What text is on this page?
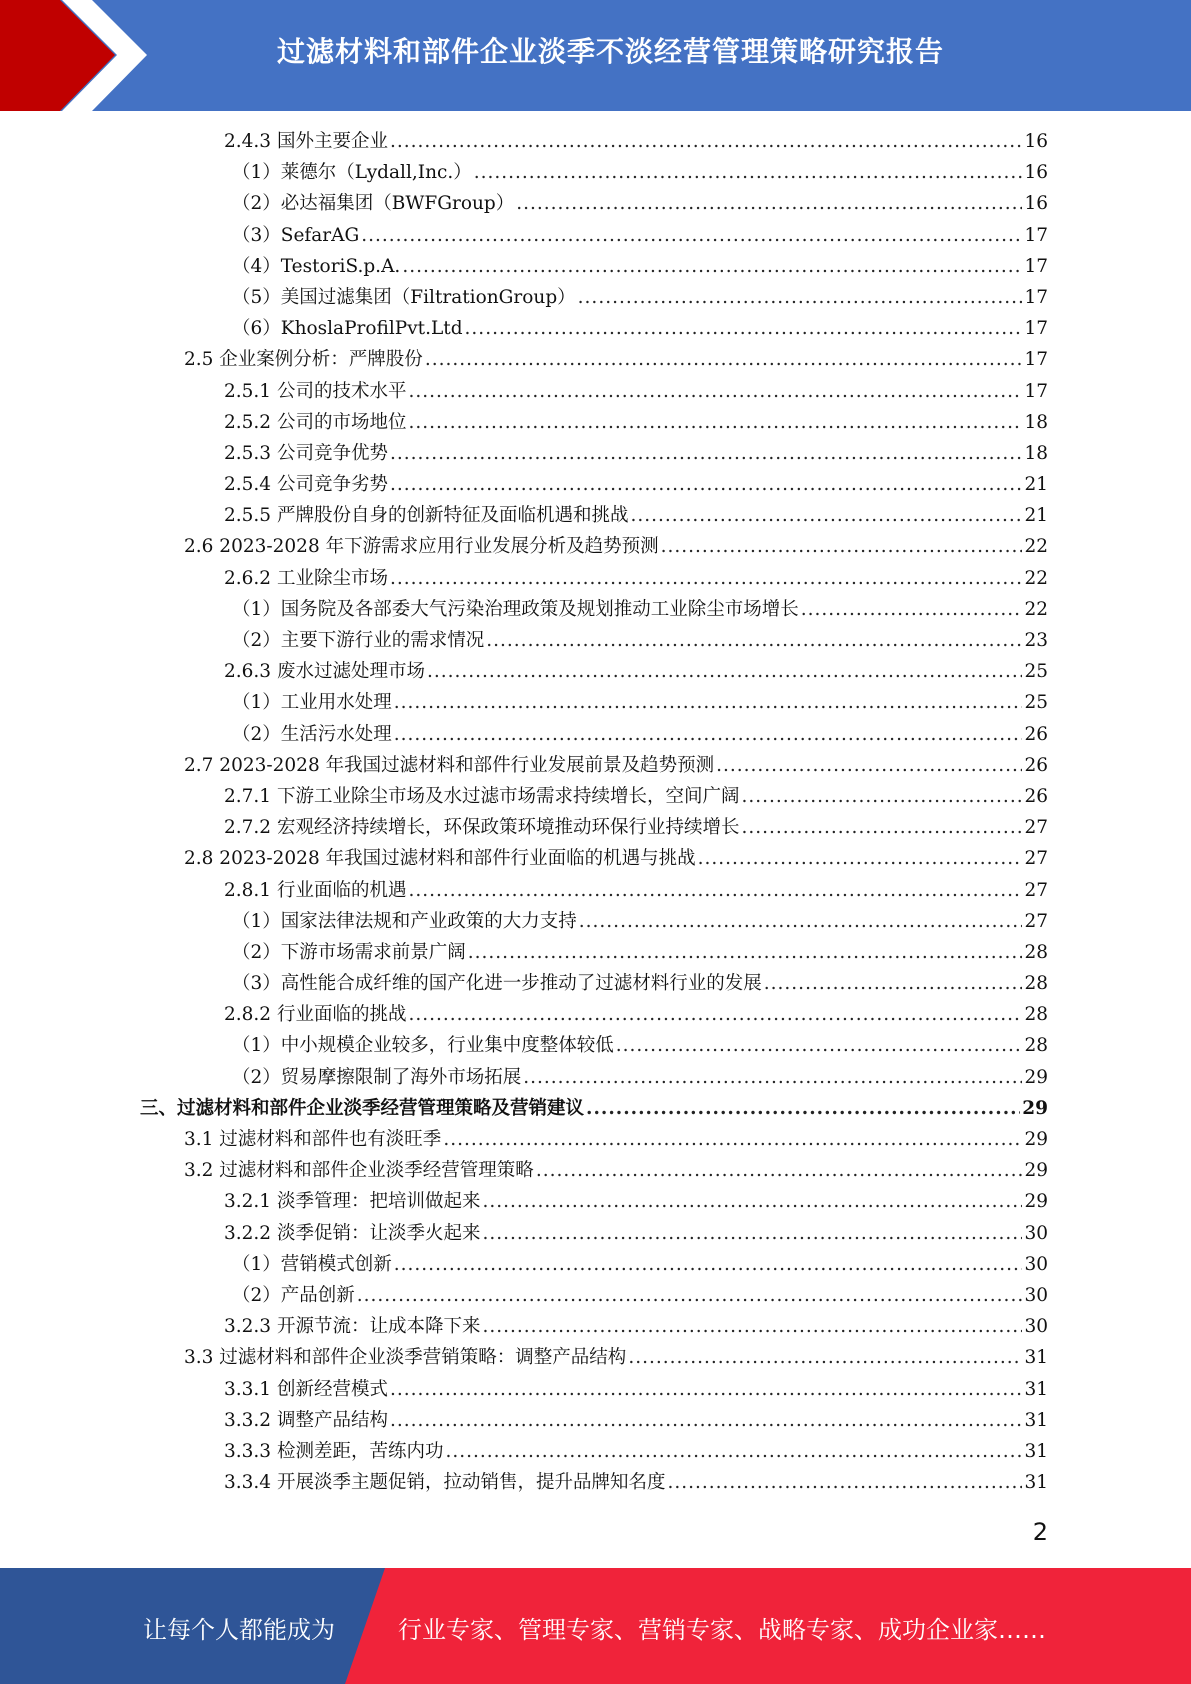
过滤材料和部件企业淡季不淡经营管理策略研究报告
2.4.3 国外主要企业 .....	16
（1）莱德尔（Lydall,Inc.） .....	16
（2）必达福集团（BWFGroup） .....	16
（3）SefarAG .....	17
（4）TestoriS.p.A. .....	17
（5）美国过滤集团（FiltrationGroup） .....	17
（6）KhoslaProfilPvt.Ltd .....	17
2.5 企业案例分析：严牌股份 .....	17
2.5.1 公司的技术水平 .....	17
2.5.2 公司的市场地位 .....	18
2.5.3 公司竞争优势 .....	18
2.5.4 公司竞争劣势 .....	21
2.5.5 严牌股份自身的创新特征及面临机遇和挑战 .....	21
2.6 2023-2028 年下游需求应用行业发展分析及趋势预测 .....	22
2.6.2 工业除尘市场 .....	22
（1）国务院及各部委大气污染治理政策及规划推动工业除尘市场增长 .....	22
（2）主要下游行业的需求情况 .....	23
2.6.3 废水过滤处理市场 .....	25
（1）工业用水处理 .....	25
（2）生活污水处理 .....	26
2.7 2023-2028 年我国过滤材料和部件行业发展前景及趋势预测 .....	26
2.7.1 下游工业除尘市场及水过滤市场需求持续增长，空间广阔 .....	26
2.7.2 宏观经济持续增长，环保政策环境推动环保行业持续增长 .....	27
2.8 2023-2028 年我国过滤材料和部件行业面临的机遇与挑战 .....	27
2.8.1 行业面临的机遇 .....	27
（1）国家法律法规和产业政策的大力支持 .....	27
（2）下游市场需求前景广阔 .....	28
（3）高性能合成纤维的国产化进一步推动了过滤材料行业的发展 .....	28
2.8.2 行业面临的挑战 .....	28
（1）中小规模企业较多，行业集中度整体较低 .....	28
（2）贸易摩擦限制了海外市场拓展 .....	29
三、过滤材料和部件企业淡季经营管理策略及营销建议 .....	29
3.1 过滤材料和部件也有淡旺季 .....	29
3.2 过滤材料和部件企业淡季经营管理策略 .....	29
3.2.1 淡季管理：把培训做起来 .....	29
3.2.2 淡季促销：让淡季火起来 .....	30
（1）营销模式创新 .....	30
（2）产品创新 .....	30
3.2.3 开源节流：让成本降下来 .....	30
3.3 过滤材料和部件企业淡季营销策略：调整产品结构 .....	31
3.3.1 创新经营模式 .....	31
3.3.2 调整产品结构 .....	31
3.3.3 检测差距，苦练内功 .....	31
3.3.4 开展淡季主题促销，拉动销售，提升品牌知名度 .....	31
2
让每个人都能成为	行业专家、管理专家、营销专家、战略专家、成功企业家……
